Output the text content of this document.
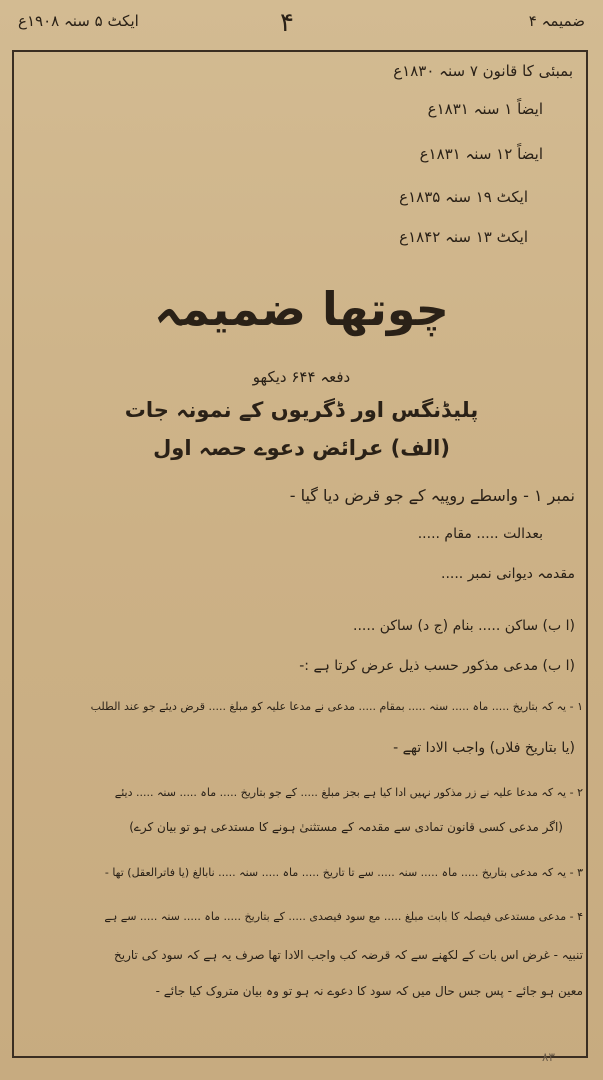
ضمیمہ ۴
۴
ایکٹ ۵ سنہ ۱۹۰۸ع
بمبئی کا قانون ۷ سنہ ۱۸۳۰ع
ایضاً ۱ سنہ ۱۸۳۱ع
ایضاً ۱۲ سنہ ۱۸۳۱ع
ایکٹ ۱۹ سنہ ۱۸۳۵ع
ایکٹ ۱۳ سنہ ۱۸۴۲ع
چوتھا ضمیمہ
دفعہ ۶۴۴ دیکھو
پلیڈنگس اور ڈگریوں کے نمونہ جات
(الف) عرائض دعوے حصہ اول
نمبر ۱ - واسطے روپیہ کے جو قرض دیا گیا -
بعدالت ..... مقام .....
مقدمہ دیوانی نمبر .....
(ا ب) ساکن ..... بنام (ج د) ساکن .....
(ا ب) مدعی مذکور حسب ذیل عرض کرتا ہے :-
۱ - یہ کہ بتاریخ ..... ماہ ..... سنہ ..... بمقام ..... مدعی نے مدعا علیہ کو مبلغ ..... قرض دیئے جو عند الطلب
(یا بتاریخ فلاں) واجب الادا تھے -
۲ - یہ کہ مدعا علیہ نے زر مذکور نہیں ادا کیا ہے بجز مبلغ ..... کے جو بتاریخ ..... ماہ ..... سنہ ..... دیئے
(اگر مدعی کسی قانون تمادی سے مقدمہ کے مستثنیٰ ہونے کا مستدعی ہو تو بیان کرے)
۳ - یہ کہ مدعی بتاریخ ..... ماہ ..... سنہ ..... سے تا تاریخ ..... ماہ ..... سنہ ..... نابالغ (یا فاترالعقل) تھا -
۴ - مدعی مستدعی فیصلہ کا بابت مبلغ ..... مع سود فیصدی ..... کے بتاریخ ..... ماہ ..... سنہ ..... سے ہے
تنبیہ - غرض اس بات کے لکھنے سے کہ قرضہ کب واجب الادا تھا صرف یہ ہے کہ سود کی تاریخ
معین ہو جائے - پس جس حال میں کہ سود کا دعوے نہ ہو تو وہ بیان متروک کیا جائے -
۸۳
